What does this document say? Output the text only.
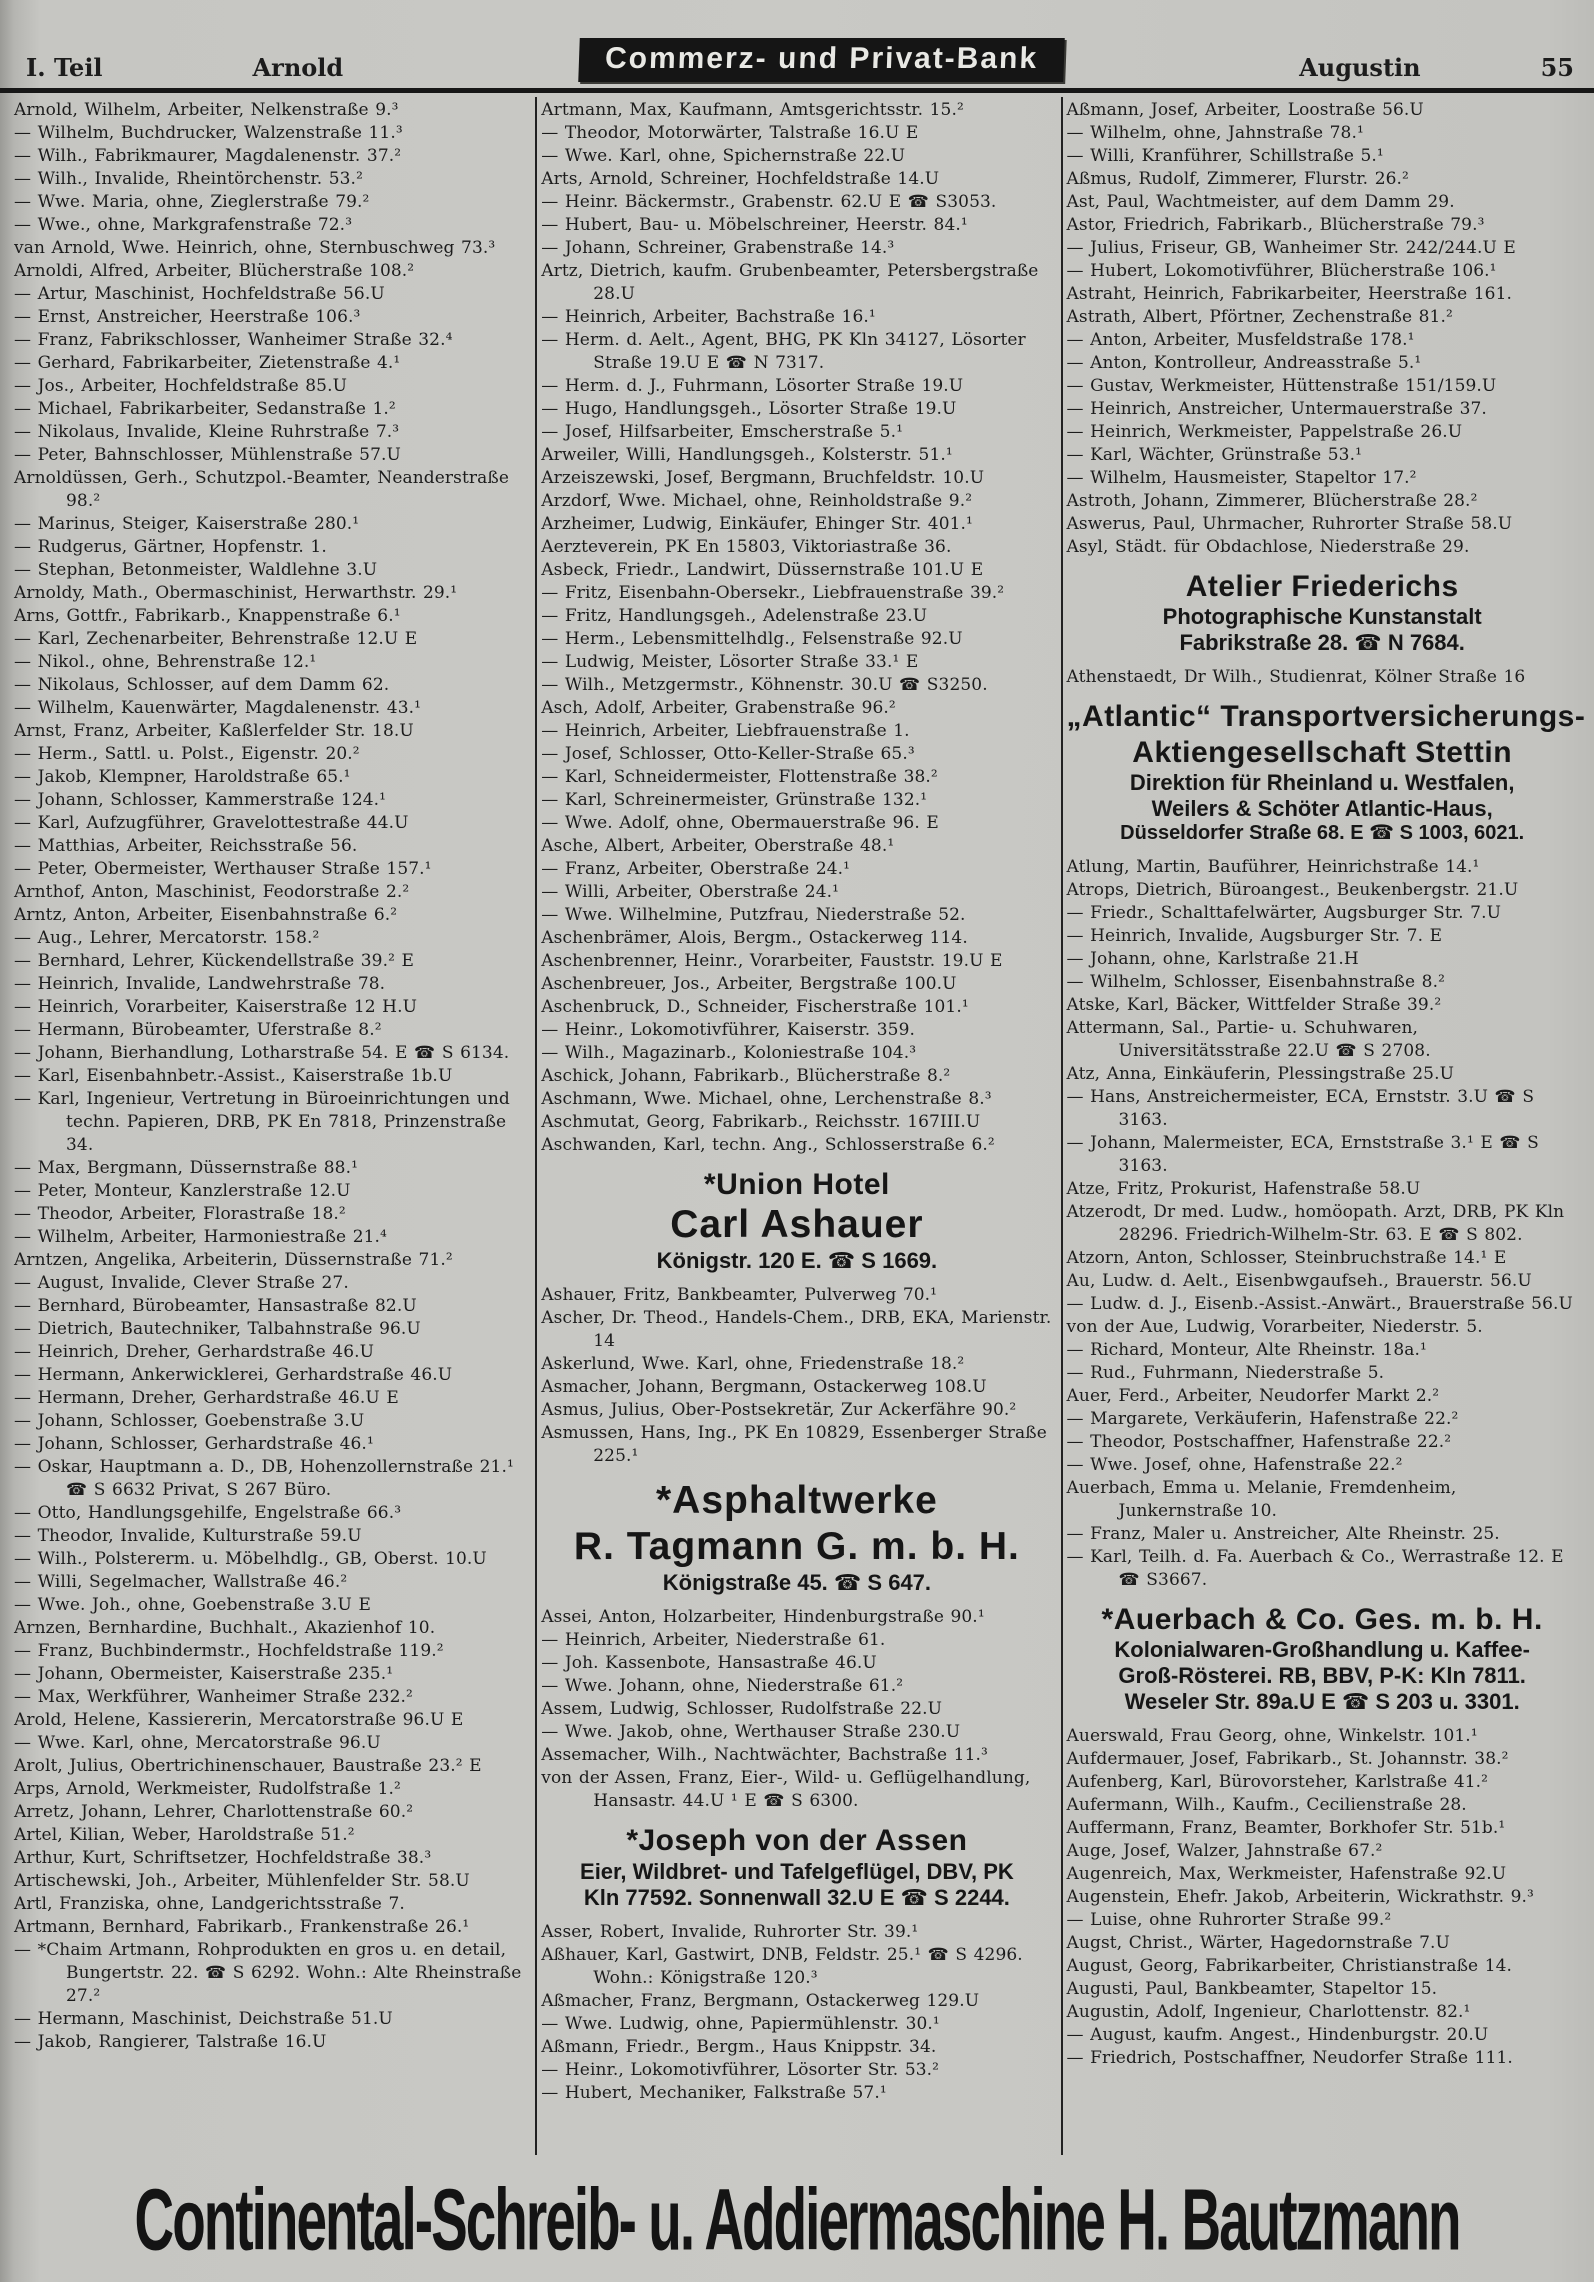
I. Teil	Arnold	Commerz- und Privat-Bank	Augustin	55
Arnold, Wilhelm, Arbeiter, Nelkenstraße 9.³
— Wilhelm, Buchdrucker, Walzenstraße 11.³
— Wilh., Fabrikmaurer, Magdalenenstr. 37.²
— Wilh., Invalide, Rheintörchenstr. 53.²
— Wwe. Maria, ohne, Zieglerstraße 79.²
— Wwe., ohne, Markgrafenstraße 72.³
van Arnold, Wwe. Heinrich, ohne, Sternbuschweg 73.³
Arnoldi, Alfred, Arbeiter, Blücherstraße 108.²
— Artur, Maschinist, Hochfeldstraße 56.U
— Ernst, Anstreicher, Heerstraße 106.³
— Franz, Fabrikschlosser, Wanheimer Straße 32.⁴
— Gerhard, Fabrikarbeiter, Zietenstraße 4.¹
— Jos., Arbeiter, Hochfeldstraße 85.U
— Michael, Fabrikarbeiter, Sedanstraße 1.²
— Nikolaus, Invalide, Kleine Ruhrstraße 7.³
— Peter, Bahnschlosser, Mühlenstraße 57.U
Arnoldüssen, Gerh., Schutzpol.-Beamter, Neanderstraße 98.²
— Marinus, Steiger, Kaiserstraße 280.¹
— Rudgerus, Gärtner, Hopfenstr. 1.
— Stephan, Betonmeister, Waldlehne 3.U
Arnoldy, Math., Obermaschinist, Herwarthstr. 29.¹
Arns, Gottfr., Fabrikarb., Knappenstraße 6.¹
— Karl, Zechenarbeiter, Behrenstraße 12.U E
— Nikol., ohne, Behrenstraße 12.¹
— Nikolaus, Schlosser, auf dem Damm 62.
— Wilhelm, Kauenwärter, Magdalenenstr. 43.¹
Arnst, Franz, Arbeiter, Kaßlerfelder Str. 18.U
— Herm., Sattl. u. Polst., Eigenstr. 20.²
— Jakob, Klempner, Haroldstraße 65.¹
— Johann, Schlosser, Kammerstraße 124.¹
— Karl, Aufzugführer, Gravelottestraße 44.U
— Matthias, Arbeiter, Reichsstraße 56.
— Peter, Obermeister, Werthauser Straße 157.¹
Arnthof, Anton, Maschinist, Feodorstraße 2.²
Arntz, Anton, Arbeiter, Eisenbahnstraße 6.²
— Aug., Lehrer, Mercatorstr. 158.²
— Bernhard, Lehrer, Kückendellstraße 39.² E
— Heinrich, Invalide, Landwehrstraße 78.
— Heinrich, Vorarbeiter, Kaiserstraße 12 H.U
— Hermann, Bürobeamter, Uferstraße 8.²
— Johann, Bierhandlung, Lotharstraße 54. E ☎ S 6134.
— Karl, Eisenbahnbetr.-Assist., Kaiserstraße 1b.U
— Karl, Ingenieur, Vertretung in Büroeinrichtungen und techn. Papieren, DRB, PK En 7818, Prinzenstraße 34.
— Max, Bergmann, Düssernstraße 88.¹
— Peter, Monteur, Kanzlerstraße 12.U
— Theodor, Arbeiter, Florastraße 18.²
— Wilhelm, Arbeiter, Harmoniestraße 21.⁴
Arntzen, Angelika, Arbeiterin, Düssernstraße 71.²
— August, Invalide, Clever Straße 27.
— Bernhard, Bürobeamter, Hansastraße 82.U
— Dietrich, Bautechniker, Talbahnstraße 96.U
— Heinrich, Dreher, Gerhardstraße 46.U
— Hermann, Ankerwicklerei, Gerhardstraße 46.U
— Hermann, Dreher, Gerhardstraße 46.U E
— Johann, Schlosser, Goebenstraße 3.U
— Johann, Schlosser, Gerhardstraße 46.¹
— Oskar, Hauptmann a. D., DB, Hohenzollernstraße 21.¹ ☎ S 6632 Privat, S 267 Büro.
— Otto, Handlungsgehilfe, Engelstraße 66.³
— Theodor, Invalide, Kulturstraße 59.U
— Wilh., Polstererm. u. Möbelhdlg., GB, Oberst. 10.U
— Willi, Segelmacher, Wallstraße 46.²
— Wwe. Joh., ohne, Goebenstraße 3.U E
Arnzen, Bernhardine, Buchhalt., Akazienhof 10.
— Franz, Buchbindermstr., Hochfeldstraße 119.²
— Johann, Obermeister, Kaiserstraße 235.¹
— Max, Werkführer, Wanheimer Straße 232.²
Arold, Helene, Kassiererin, Mercatorstraße 96.U E
— Wwe. Karl, ohne, Mercatorstraße 96.U
Arolt, Julius, Obertrichinenschauer, Baustraße 23.² E
Arps, Arnold, Werkmeister, Rudolfstraße 1.²
Arretz, Johann, Lehrer, Charlottenstraße 60.²
Artel, Kilian, Weber, Haroldstraße 51.²
Arthur, Kurt, Schriftsetzer, Hochfeldstraße 38.³
Artischewski, Joh., Arbeiter, Mühlenfelder Str. 58.U
Artl, Franziska, ohne, Landgerichtsstraße 7.
Artmann, Bernhard, Fabrikarb., Frankenstraße 26.¹
— *Chaim Artmann, Rohprodukten en gros u. en detail, Bungertstr. 22. ☎ S 6292. Wohn.: Alte Rheinstraße 27.²
— Hermann, Maschinist, Deichstraße 51.U
— Jakob, Rangierer, Talstraße 16.U
Artmann, Max, Kaufmann, Amtsgerichtsstr. 15.²
— Theodor, Motorwärter, Talstraße 16.U E
— Wwe. Karl, ohne, Spichernstraße 22.U
Arts, Arnold, Schreiner, Hochfeldstraße 14.U
— Heinr. Bäckermstr., Grabenstr. 62.U E ☎ S3053.
— Hubert, Bau- u. Möbelschreiner, Heerstr. 84.¹
— Johann, Schreiner, Grabenstraße 14.³
Artz, Dietrich, kaufm. Grubenbeamter, Petersbergstraße 28.U
— Heinrich, Arbeiter, Bachstraße 16.¹
— Herm. d. Aelt., Agent, BHG, PK Kln 34127, Lösorter Straße 19.U E ☎ N 7317.
— Herm. d. J., Fuhrmann, Lösorter Straße 19.U
— Hugo, Handlungsgeh., Lösorter Straße 19.U
— Josef, Hilfsarbeiter, Emscherstraße 5.¹
Arweiler, Willi, Handlungsgeh., Kolsterstr. 51.¹
Arzeiszewski, Josef, Bergmann, Bruchfeldstr. 10.U
Arzdorf, Wwe. Michael, ohne, Reinholdstraße 9.²
Arzheimer, Ludwig, Einkäufer, Ehinger Str. 401.¹
Aerzteverein, PK En 15803, Viktoriastraße 36.
Asbeck, Friedr., Landwirt, Düssernstraße 101.U E
— Fritz, Eisenbahn-Obersekr., Liebfrauenstraße 39.²
— Fritz, Handlungsgeh., Adelenstraße 23.U
— Herm., Lebensmittelhdlg., Felsenstraße 92.U
— Ludwig, Meister, Lösorter Straße 33.¹ E
— Wilh., Metzgermstr., Köhnenstr. 30.U ☎ S3250.
Asch, Adolf, Arbeiter, Grabenstraße 96.²
— Heinrich, Arbeiter, Liebfrauenstraße 1.
— Josef, Schlosser, Otto-Keller-Straße 65.³
— Karl, Schneidermeister, Flottenstraße 38.²
— Karl, Schreinermeister, Grünstraße 132.¹
— Wwe. Adolf, ohne, Obermauerstraße 96. E
Asche, Albert, Arbeiter, Oberstraße 48.¹
— Franz, Arbeiter, Oberstraße 24.¹
— Willi, Arbeiter, Oberstraße 24.¹
— Wwe. Wilhelmine, Putzfrau, Niederstraße 52.
Aschenbrämer, Alois, Bergm., Ostackerweg 114.
Aschenbrenner, Heinr., Vorarbeiter, Fauststr. 19.U E
Aschenbreuer, Jos., Arbeiter, Bergstraße 100.U
Aschenbruck, D., Schneider, Fischerstraße 101.¹
— Heinr., Lokomotivführer, Kaiserstr. 359.
— Wilh., Magazinarb., Koloniestraße 104.³
Aschick, Johann, Fabrikarb., Blücherstraße 8.²
Aschmann, Wwe. Michael, ohne, Lerchenstraße 8.³
Aschmutat, Georg, Fabrikarb., Reichsstr. 167III.U
Aschwanden, Karl, techn. Ang., Schlosserstraße 6.²
*Union Hotel
Carl Ashauer
Königstr. 120 E. ☎ S 1669.
Ashauer, Fritz, Bankbeamter, Pulverweg 70.¹
Ascher, Dr. Theod., Handels-Chem., DRB, EKA, Marienstr. 14
Askerlund, Wwe. Karl, ohne, Friedenstraße 18.²
Asmacher, Johann, Bergmann, Ostackerweg 108.U
Asmus, Julius, Ober-Postsekretär, Zur Ackerfähre 90.²
Asmussen, Hans, Ing., PK En 10829, Essenberger Straße 225.¹
*Asphaltwerke
R. Tagmann G. m. b. H.
Königstraße 45. ☎ S 647.
Assei, Anton, Holzarbeiter, Hindenburgstraße 90.¹
— Heinrich, Arbeiter, Niederstraße 61.
— Joh. Kassenbote, Hansastraße 46.U
— Wwe. Johann, ohne, Niederstraße 61.²
Assem, Ludwig, Schlosser, Rudolfstraße 22.U
— Wwe. Jakob, ohne, Werthauser Straße 230.U
Assemacher, Wilh., Nachtwächter, Bachstraße 11.³
von der Assen, Franz, Eier-, Wild- u. Geflügelhandlung, Hansastr. 44.U ¹ E ☎ S 6300.
*Joseph von der Assen
Eier, Wildbret- und Tafelgeflügel, DBV, PK
Kln 77592. Sonnenwall 32.U E ☎ S 2244.
Asser, Robert, Invalide, Ruhrorter Str. 39.¹
Aßhauer, Karl, Gastwirt, DNB, Feldstr. 25.¹ ☎ S 4296. Wohn.: Königstraße 120.³
Aßmacher, Franz, Bergmann, Ostackerweg 129.U
— Wwe. Ludwig, ohne, Papiermühlenstr. 30.¹
Aßmann, Friedr., Bergm., Haus Knippstr. 34.
— Heinr., Lokomotivführer, Lösorter Str. 53.²
— Hubert, Mechaniker, Falkstraße 57.¹
Aßmann, Josef, Arbeiter, Loostraße 56.U
— Wilhelm, ohne, Jahnstraße 78.¹
— Willi, Kranführer, Schillstraße 5.¹
Aßmus, Rudolf, Zimmerer, Flurstr. 26.²
Ast, Paul, Wachtmeister, auf dem Damm 29.
Astor, Friedrich, Fabrikarb., Blücherstraße 79.³
— Julius, Friseur, GB, Wanheimer Str. 242/244.U E
— Hubert, Lokomotivführer, Blücherstraße 106.¹
Astraht, Heinrich, Fabrikarbeiter, Heerstraße 161.
Astrath, Albert, Pförtner, Zechenstraße 81.²
— Anton, Arbeiter, Musfeldstraße 178.¹
— Anton, Kontrolleur, Andreasstraße 5.¹
— Gustav, Werkmeister, Hüttenstraße 151/159.U
— Heinrich, Anstreicher, Untermauerstraße 37.
— Heinrich, Werkmeister, Pappelstraße 26.U
— Karl, Wächter, Grünstraße 53.¹
— Wilhelm, Hausmeister, Stapeltor 17.²
Astroth, Johann, Zimmerer, Blücherstraße 28.²
Aswerus, Paul, Uhrmacher, Ruhrorter Straße 58.U
Asyl, Städt. für Obdachlose, Niederstraße 29.
Atelier Friederichs
Photographische Kunstanstalt
Fabrikstraße 28. ☎ N 7684.
Athenstaedt, Dr Wilh., Studienrat, Kölner Straße 16
„Atlantic“ Transportversicherungs-
Aktiengesellschaft Stettin
Direktion für Rheinland u. Westfalen,
Weilers & Schöter Atlantic-Haus,
Düsseldorfer Straße 68. E ☎ S 1003, 6021.
Atlung, Martin, Bauführer, Heinrichstraße 14.¹
Atrops, Dietrich, Büroangest., Beukenbergstr. 21.U
— Friedr., Schalttafelwärter, Augsburger Str. 7.U
— Heinrich, Invalide, Augsburger Str. 7. E
— Johann, ohne, Karlstraße 21.H
— Wilhelm, Schlosser, Eisenbahnstraße 8.²
Atske, Karl, Bäcker, Wittfelder Straße 39.²
Attermann, Sal., Partie- u. Schuhwaren, Universitätsstraße 22.U ☎ S 2708.
Atz, Anna, Einkäuferin, Plessingstraße 25.U
— Hans, Anstreichermeister, ECA, Ernststr. 3.U ☎ S 3163.
— Johann, Malermeister, ECA, Ernststraße 3.¹ E ☎ S 3163.
Atze, Fritz, Prokurist, Hafenstraße 58.U
Atzerodt, Dr med. Ludw., homöopath. Arzt, DRB, PK Kln 28296. Friedrich-Wilhelm-Str. 63. E ☎ S 802.
Atzorn, Anton, Schlosser, Steinbruchstraße 14.¹ E
Au, Ludw. d. Aelt., Eisenbwgaufseh., Brauerstr. 56.U
— Ludw. d. J., Eisenb.-Assist.-Anwärt., Brauerstraße 56.U
von der Aue, Ludwig, Vorarbeiter, Niederstr. 5.
— Richard, Monteur, Alte Rheinstr. 18a.¹
— Rud., Fuhrmann, Niederstraße 5.
Auer, Ferd., Arbeiter, Neudorfer Markt 2.²
— Margarete, Verkäuferin, Hafenstraße 22.²
— Theodor, Postschaffner, Hafenstraße 22.²
— Wwe. Josef, ohne, Hafenstraße 22.²
Auerbach, Emma u. Melanie, Fremdenheim, Junkernstraße 10.
— Franz, Maler u. Anstreicher, Alte Rheinstr. 25.
— Karl, Teilh. d. Fa. Auerbach & Co., Werrastraße 12. E ☎ S3667.
*Auerbach & Co. Ges. m. b. H.
Kolonialwaren-Großhandlung u. Kaffee-
Groß-Rösterei. RB, BBV, P-K: Kln 7811.
Weseler Str. 89a.U E ☎ S 203 u. 3301.
Auerswald, Frau Georg, ohne, Winkelstr. 101.¹
Aufdermauer, Josef, Fabrikarb., St. Johannstr. 38.²
Aufenberg, Karl, Bürovorsteher, Karlstraße 41.²
Aufermann, Wilh., Kaufm., Cecilienstraße 28.
Auffermann, Franz, Beamter, Borkhofer Str. 51b.¹
Auge, Josef, Walzer, Jahnstraße 67.²
Augenreich, Max, Werkmeister, Hafenstraße 92.U
Augenstein, Ehefr. Jakob, Arbeiterin, Wickrathstr. 9.³
— Luise, ohne Ruhrorter Straße 99.²
Augst, Christ., Wärter, Hagedornstraße 7.U
August, Georg, Fabrikarbeiter, Christianstraße 14.
Augusti, Paul, Bankbeamter, Stapeltor 15.
Augustin, Adolf, Ingenieur, Charlottenstr. 82.¹
— August, kaufm. Angest., Hindenburgstr. 20.U
— Friedrich, Postschaffner, Neudorfer Straße 111.
Continental-Schreib- u. Addiermaschine H. Bautzmann
